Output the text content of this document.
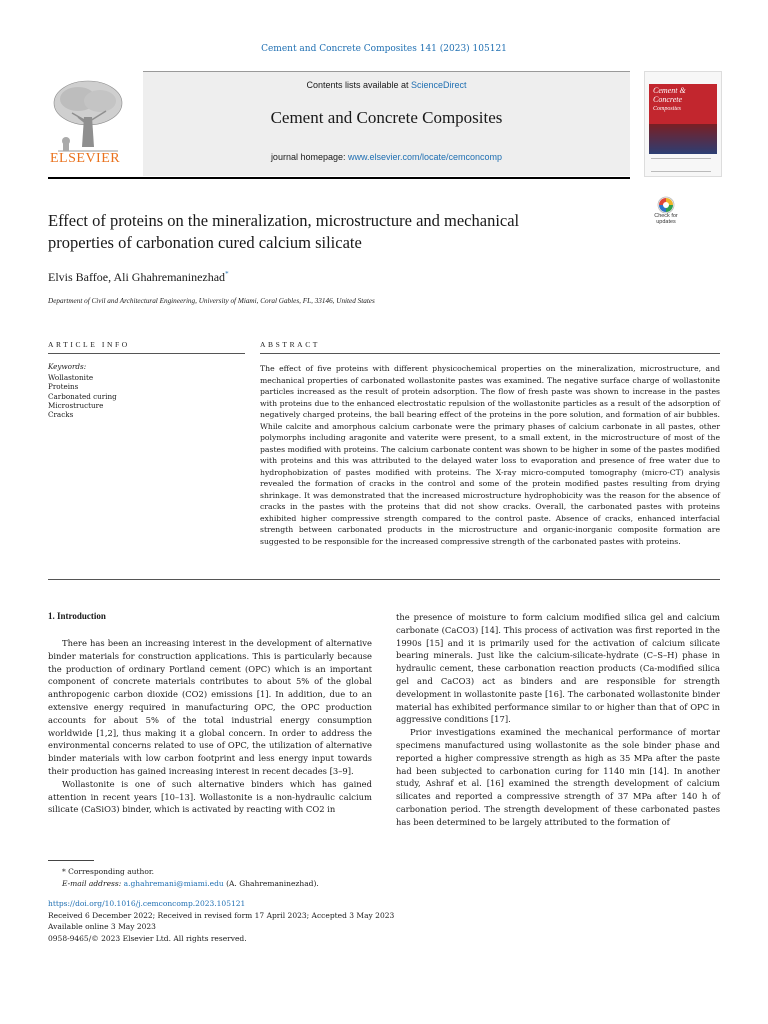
Cement and Concrete Composites 141 (2023) 105121
ELSEVIER
Contents lists available at ScienceDirect
Cement and Concrete Composites
journal homepage: www.elsevier.com/locate/cemconcomp
Cement &
Concrete
Composites
Effect of proteins on the mineralization, microstructure and mechanical
properties of carbonation cured calcium silicate
Check for updates
Elvis Baffoe, Ali Ghahremaninezhad*
Department of Civil and Architectural Engineering, University of Miami, Coral Gables, FL, 33146, United States
ARTICLE INFO
Keywords:
Wollastonite
Proteins
Carbonated curing
Microstructure
Cracks
ABSTRACT
The effect of five proteins with different physicochemical properties on the mineralization, microstructure, and mechanical properties of carbonated wollastonite pastes was examined. The negative surface charge of wollastonite particles increased as the result of protein adsorption. The flow of fresh paste was shown to increase in the pastes with proteins due to the enhanced electrostatic repulsion of the wollastonite particles as a result of the adsorption of negatively charged proteins, the ball bearing effect of the proteins in the pore solution, and formation of air bubbles. While calcite and amorphous calcium carbonate were the primary phases of calcium carbonate in all pastes, other polymorphs including aragonite and vaterite were present, to a small extent, in the microstructure of most of the pastes modified with proteins. The calcium carbonate content was shown to be higher in some of the pastes modified with proteins and this was attributed to the delayed water loss to evaporation and presence of free water due to hydrophobization of pastes modified with proteins. The X-ray micro-computed tomography (micro-CT) analysis revealed the formation of cracks in the control and some of the protein modified pastes resulting from drying shrinkage. It was demonstrated that the increased microstructure hydrophobicity was the reason for the absence of cracks in the pastes with the proteins that did not show cracks. Overall, the carbonated pastes with proteins exhibited higher compressive strength compared to the control paste. Absence of cracks, enhanced interfacial strength between carbonated products in the microstructure and organic-inorganic composite formation are suggested to be responsible for the increased compressive strength of the carbonated pastes with proteins.
1. Introduction

There has been an increasing interest in the development of alternative binder materials for construction applications. This is particularly because the production of ordinary Portland cement (OPC) which is an important component of concrete materials contributes to about 5% of the global anthropogenic carbon dioxide (CO2) emissions [1]. In addition, due to an extensive energy required in manufacturing OPC, the OPC production accounts for about 5% of the total industrial energy consumption worldwide [1,2], thus making it a global concern. In order to address the environmental concerns related to use of OPC, the utilization of alternative binder materials with low carbon footprint and less energy input towards their production has gained increasing interest in recent decades [3–9].

Wollastonite is one of such alternative binders which has gained attention in recent years [10–13]. Wollastonite is a non-hydraulic calcium silicate (CaSiO3) binder, which is activated by reacting with CO2 in

the presence of moisture to form calcium modified silica gel and calcium carbonate (CaCO3) [14]. This process of activation was first reported in the 1990s [15] and it is primarily used for the activation of calcium silicate bearing minerals. Just like the calcium-silicate-hydrate (C–S–H) phase in hydraulic cement, these carbonation reaction products (Ca-modified silica gel and CaCO3) act as binders and are responsible for strength development in wollastonite paste [16]. The carbonated wollastonite binder material has exhibited performance similar to or higher than that of OPC in aggressive conditions [17].

Prior investigations examined the mechanical performance of mortar specimens manufactured using wollastonite as the sole binder phase and reported a higher compressive strength as high as 35 MPa after the paste had been subjected to carbonation curing for 1140 min [14]. In another study, Ashraf et al. [16] examined the strength development of calcium silicates and reported a compressive strength of 37 MPa after 140 h of carbonation period. The strength development of these carbonated pastes has been determined to be largely attributed to the formation of

* Corresponding author.
E-mail address: a.ghahremani@miami.edu (A. Ghahremaninezhad).
https://doi.org/10.1016/j.cemconcomp.2023.105121
Received 6 December 2022; Received in revised form 17 April 2023; Accepted 3 May 2023
Available online 3 May 2023
0958-9465/© 2023 Elsevier Ltd. All rights reserved.
